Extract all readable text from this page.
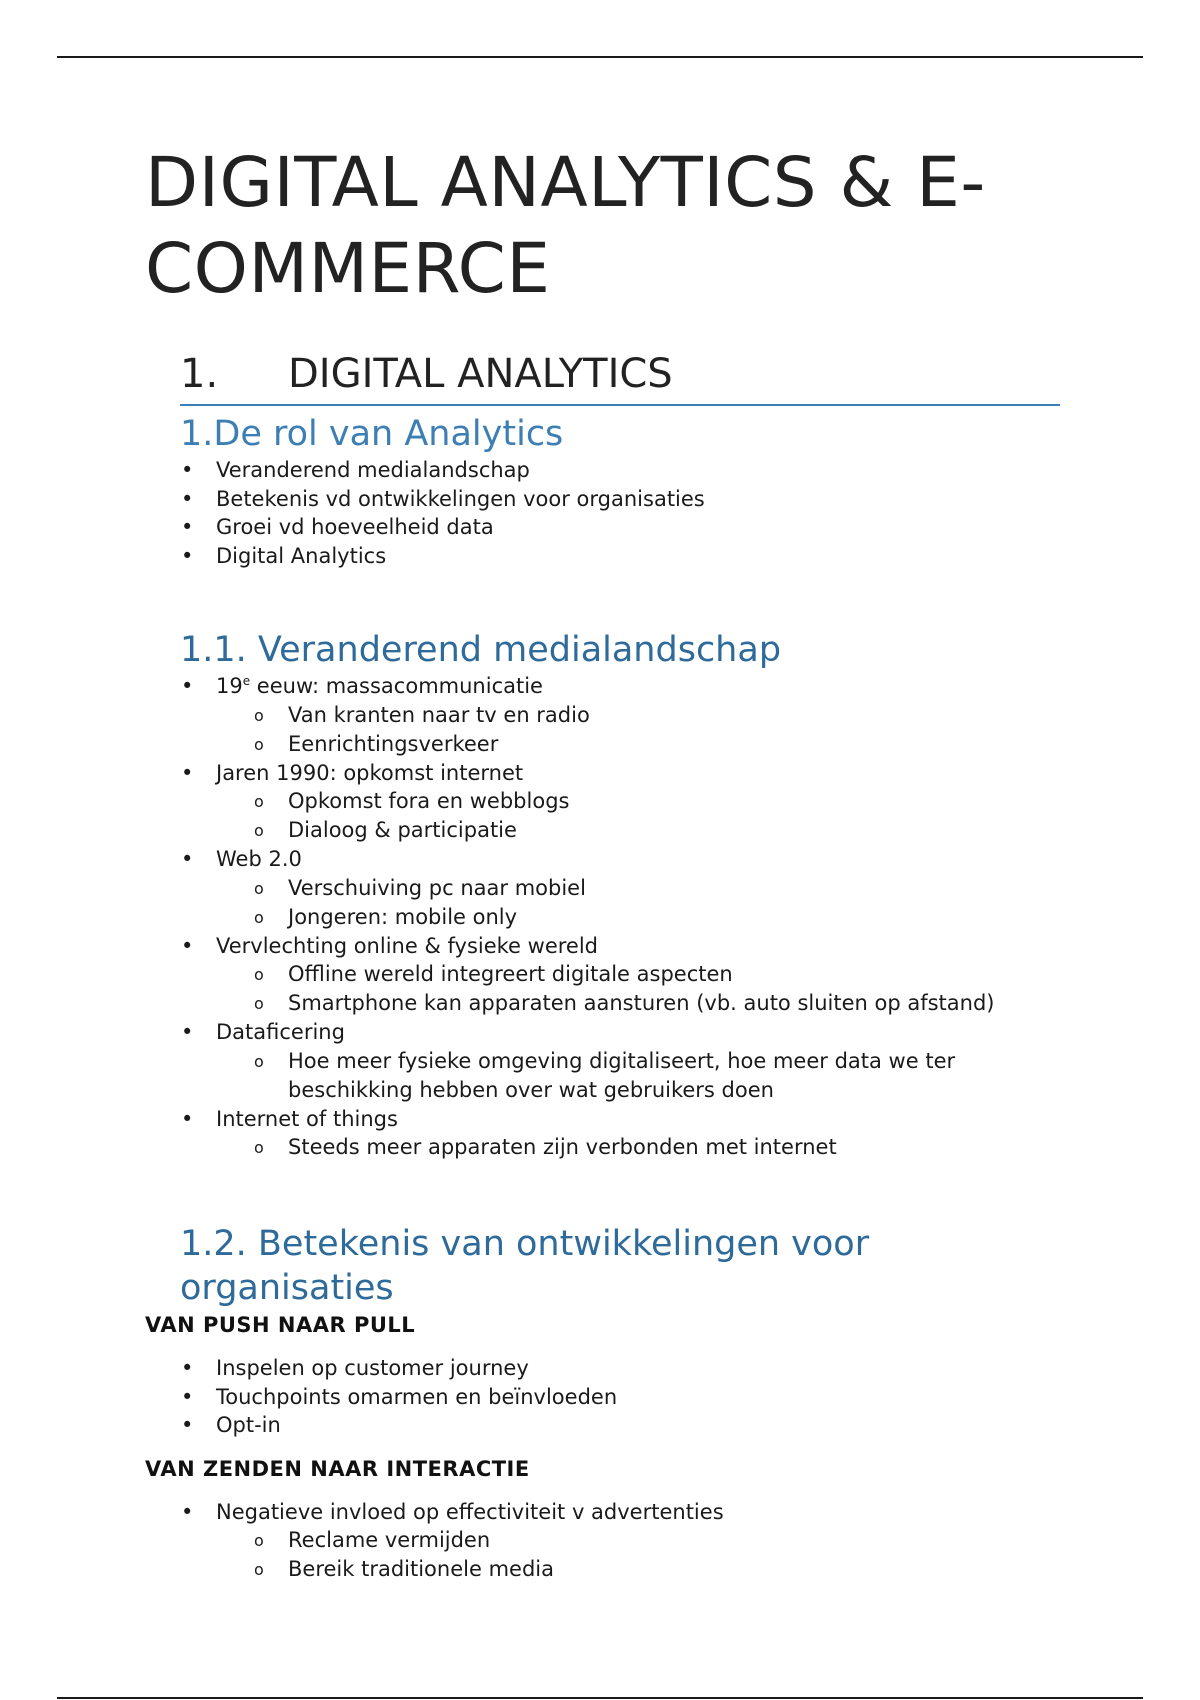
DIGITAL ANALYTICS & E-
COMMERCE
1.	DIGITAL ANALYTICS
1.De rol van Analytics
•	Veranderend medialandschap
•	Betekenis vd ontwikkelingen voor organisaties
•	Groei vd hoeveelheid data
•	Digital Analytics
1.1. Veranderend medialandschap
•	19e eeuw: massacommunicatie
o Van kranten naar tv en radio
o Eenrichtingsverkeer
•	Jaren 1990: opkomst internet
o Opkomst fora en webblogs
o Dialoog & participatie
•	Web 2.0
o Verschuiving pc naar mobiel
o Jongeren: mobile only
•	Vervlechting online & fysieke wereld
o Offline wereld integreert digitale aspecten
o Smartphone kan apparaten aansturen (vb. auto sluiten op afstand)
•	Dataficering
o Hoe meer fysieke omgeving digitaliseert, hoe meer data we ter
beschikking hebben over wat gebruikers doen
•	Internet of things
o Steeds meer apparaten zijn verbonden met internet
1.2. Betekenis van ontwikkelingen voor organisaties
VAN PUSH NAAR PULL
•	Inspelen op customer journey
•	Touchpoints omarmen en beïnvloeden
•	Opt-in
VAN ZENDEN NAAR INTERACTIE
•	Negatieve invloed op effectiviteit v advertenties
o Reclame vermijden
o Bereik traditionele media
